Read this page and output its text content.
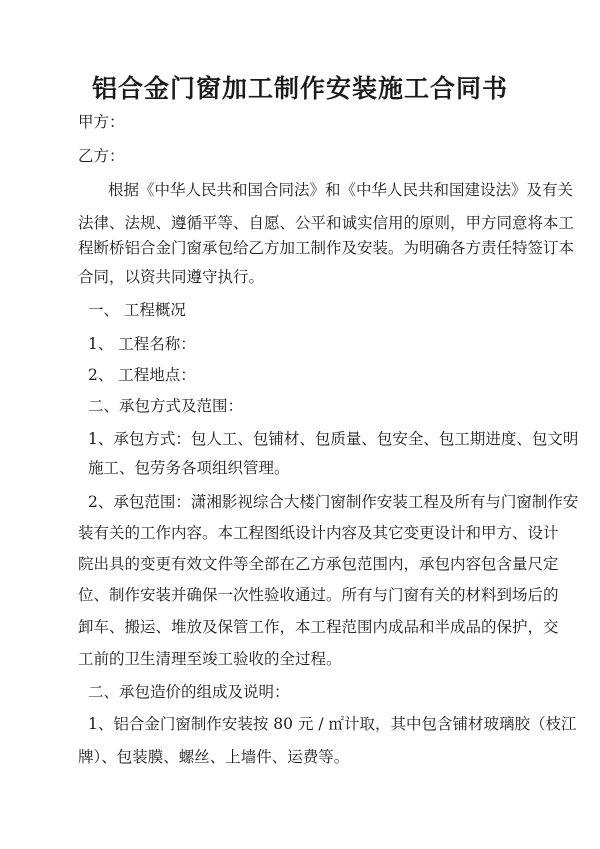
铝合金门窗加工制作安装施工合同书
甲方：
乙方：
根据《中华人民共和国合同法》和《中华人民共和国建设法》及有关
法律、法规、遵循平等、自愿、公平和诚实信用的原则，甲方同意将本工
程断桥铝合金门窗承包给乙方加工制作及安装。为明确各方责任特签订本
合同，以资共同遵守执行。
一、 工程概况
1、 工程名称：
2、 工程地点：
二、承包方式及范围：
1、承包方式：包人工、包铺材、包质量、包安全、包工期进度、包文明
施工、包劳务各项组织管理。
2、承包范围：潇湘影视综合大楼门窗制作安装工程及所有与门窗制作安
装有关的工作内容。本工程图纸设计内容及其它变更设计和甲方、设计
院出具的变更有效文件等全部在乙方承包范围内，承包内容包含量尺定
位、制作安装并确保一次性验收通过。所有与门窗有关的材料到场后的
卸车、搬运、堆放及保管工作，本工程范围内成品和半成品的保护，交
工前的卫生清理至竣工验收的全过程。
二、承包造价的组成及说明：
1、铝合金门窗制作安装按 80 元 / ㎡计取，其中包含铺材玻璃胶（枝江
牌）、包装膜、螺丝、上墙件、运费等。
